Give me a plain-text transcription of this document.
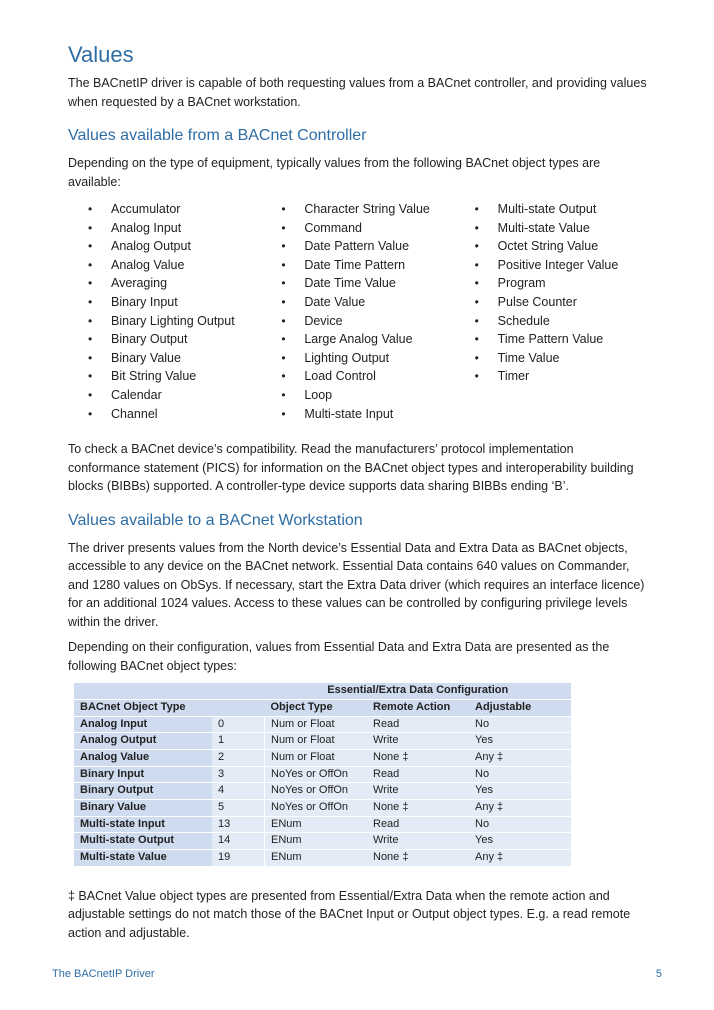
Values

The BACnetIP driver is capable of both requesting values from a BACnet controller, and providing values when requested by a BACnet workstation.

Values available from a BACnet Controller

Depending on the type of equipment, typically values from the following BACnet object types are available:

• Accumulator
• Analog Input
• Analog Output
• Analog Value
• Averaging
• Binary Input
• Binary Lighting Output
• Binary Output
• Binary Value
• Bit String Value
• Calendar
• Channel
• Character String Value
• Command
• Date Pattern Value
• Date Time Pattern
• Date Time Value
• Date Value
• Device
• Large Analog Value
• Lighting Output
• Load Control
• Loop
• Multi-state Input
• Multi-state Output
• Multi-state Value
• Octet String Value
• Positive Integer Value
• Program
• Pulse Counter
• Schedule
• Time Pattern Value
• Time Value
• Timer

To check a BACnet device’s compatibility. Read the manufacturers’ protocol implementation conformance statement (PICS) for information on the BACnet object types and interoperability building blocks (BIBBs) supported. A controller-type device supports data sharing BIBBs ending ‘B’.

Values available to a BACnet Workstation

The driver presents values from the North device’s Essential Data and Extra Data as BACnet objects, accessible to any device on the BACnet network. Essential Data contains 640 values on Commander, and 1280 values on ObSys. If necessary, start the Extra Data driver (which requires an interface licence) for an additional 1024 values. Access to these values can be controlled by configuring privilege levels within the driver.

Depending on their configuration, values from Essential Data and Extra Data are presented as the following BACnet object types:

		Essential/Extra Data Configuration		
BACnet Object Type		Object Type	Remote Action	Adjustable
Analog Input	0	Num or Float	Read	No
Analog Output	1	Num or Float	Write	Yes
Analog Value	2	Num or Float	None ‡	Any ‡
Binary Input	3	NoYes or OffOn	Read	No
Binary Output	4	NoYes or OffOn	Write	Yes
Binary Value	5	NoYes or OffOn	None ‡	Any ‡
Multi-state Input	13	ENum	Read	No
Multi-state Output	14	ENum	Write	Yes
Multi-state Value	19	ENum	None ‡	Any ‡

‡ BACnet Value object types are presented from Essential/Extra Data when the remote action and adjustable settings do not match those of the BACnet Input or Output object types. E.g. a read remote action and adjustable.

The BACnetIP Driver	5
